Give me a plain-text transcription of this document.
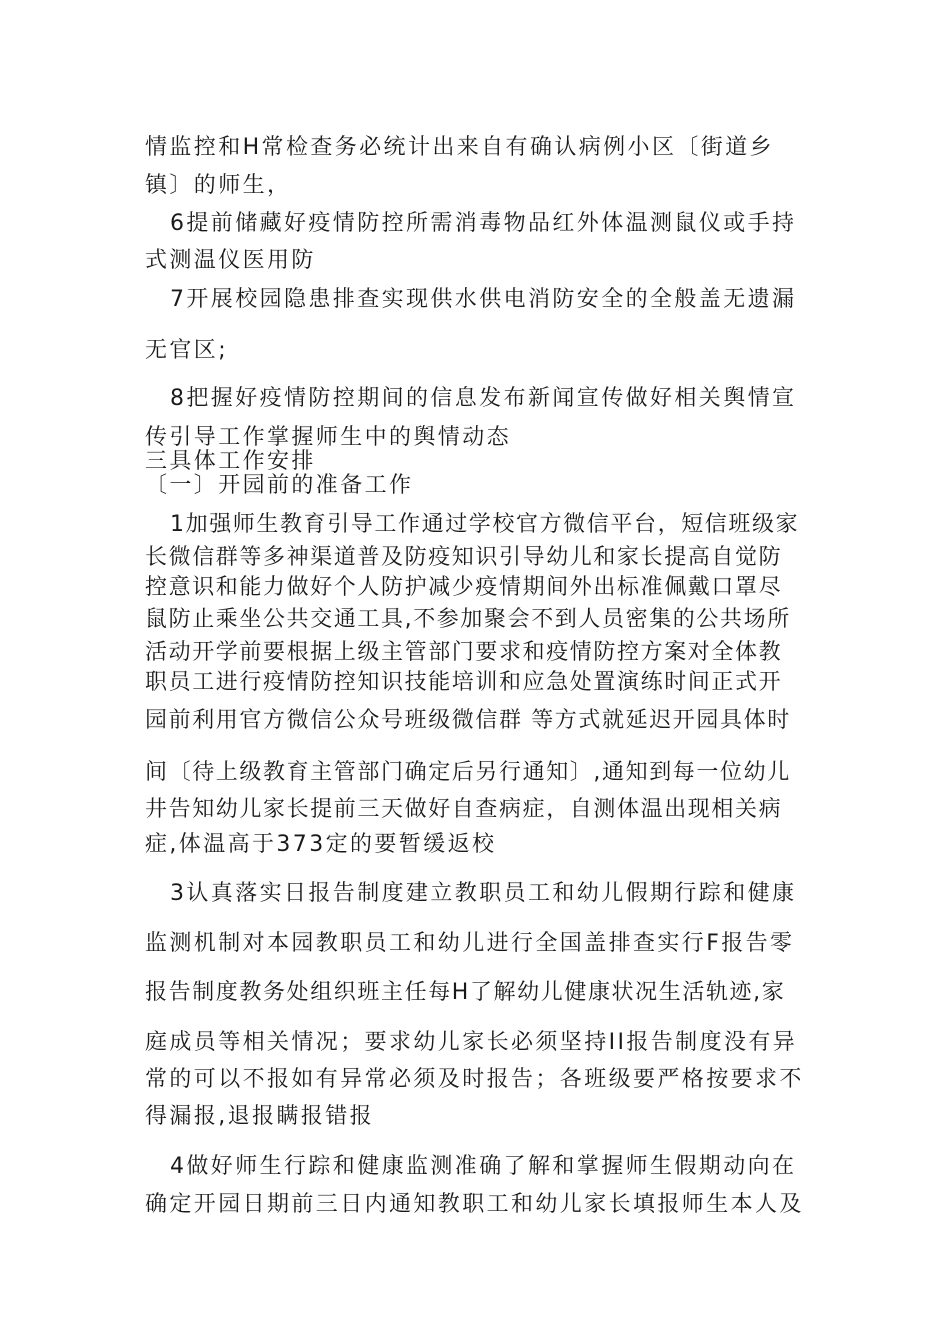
情监控和H常检查务必统计出来自有确认病例小区〔街道乡
镇〕的师生，
6提前储藏好疫情防控所需消毒物品红外体温测鼠仪或手持
式测温仪医用防
7开展校园隐患排查实现供水供电消防安全的全般盖无遗漏
无官区;
8把握好疫情防控期间的信息发布新闻宣传做好相关舆情宣
传引导工作掌握师生中的舆情动态
三具体工作安排
〔一〕开园前的准备工作
1加强师生教育引导工作通过学校官方微信平台，短信班级家
长微信群等多神渠道普及防疫知识引导幼儿和家长提高自觉防
控意识和能力做好个人防护减少疫情期间外出标准佩戴口罩尽
鼠防止乘坐公共交通工具,不参加聚会不到人员密集的公共场所
活动开学前要根据上级主管部门要求和疫情防控方案对全体教
职员工进行疫情防控知识技能培训和应急处置演练时间正式开
园前利用官方微信公众号班级微信群 等方式就延迟开园具体时
间〔待上级教育主管部门确定后另行通知〕,通知到每一位幼儿
井告知幼儿家长提前三天做好自查病症，自测体温出现相关病
症,体温高于373定的要暂缓返校
3认真落实日报告制度建立教职员工和幼儿假期行踪和健康
监测机制对本园教职员工和幼儿进行全国盖排查实行F报告零
报告制度教务处组织班主任每H了解幼儿健康状况生活轨迹,家
庭成员等相关情况；要求幼儿家长必须坚持II报告制度没有异
常的可以不报如有异常必须及时报告；各班级要严格按要求不
得漏报,退报瞒报错报
4做好师生行踪和健康监测准确了解和掌握师生假期动向在
确定开园日期前三日内通知教职工和幼儿家长填报师生本人及
